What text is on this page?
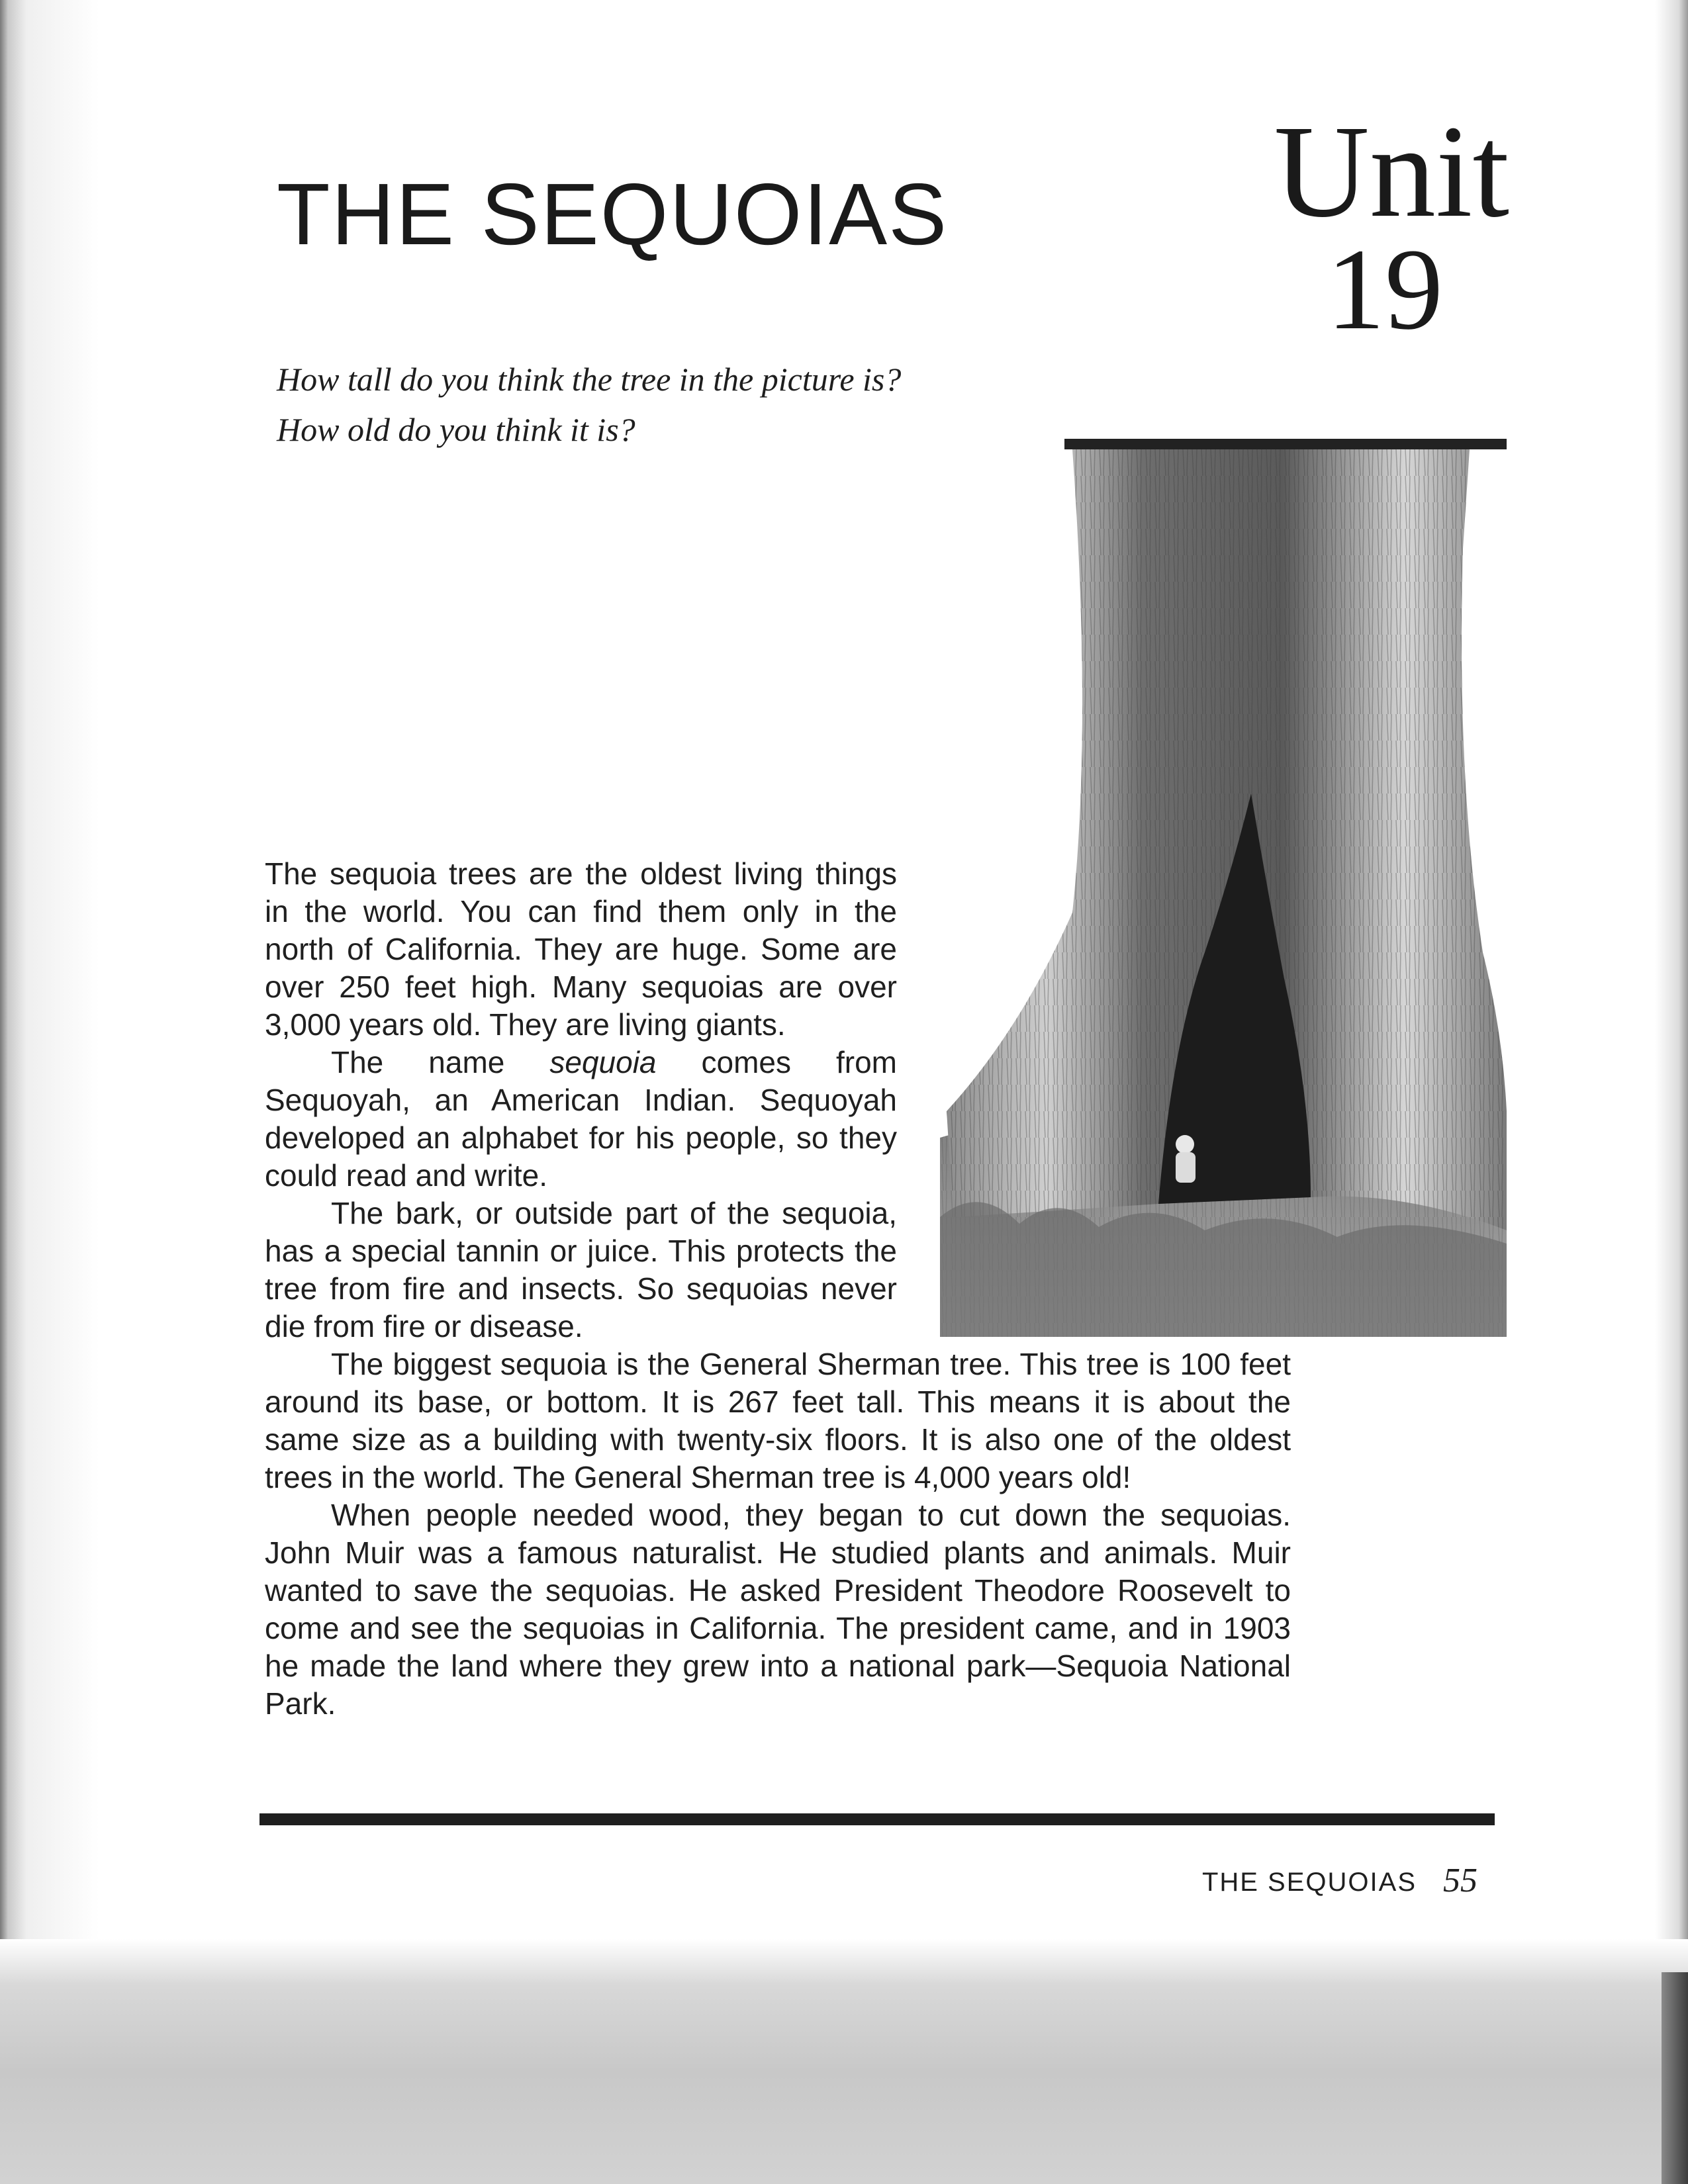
THE SEQUOIAS	Unit
19
How tall do you think the tree in the picture is?
How old do you think it is?

The sequoia trees are the oldest living things in the world. You can find them only in the north of California. They are huge. Some are over 250 feet high. Many sequoias are over 3,000 years old. They are living giants.

The name sequoia comes from Sequoyah, an American Indian. Sequoyah developed an alphabet for his people, so they could read and write.

The bark, or outside part of the sequoia, has a special tannin or juice. This protects the tree from fire and insects. So sequoias never die from fire or disease.

The biggest sequoia is the General Sherman tree. This tree is 100 feet around its base, or bottom. It is 267 feet tall. This means it is about the same size as a building with twenty-six floors. It is also one of the oldest trees in the world. The General Sherman tree is 4,000 years old!

When people needed wood, they began to cut down the sequoias. John Muir was a famous naturalist. He studied plants and animals. Muir wanted to save the sequoias. He asked President Theodore Roosevelt to come and see the sequoias in California. The president came, and in 1903 he made the land where they grew into a national park—Sequoia National Park.

THE SEQUOIAS 55
